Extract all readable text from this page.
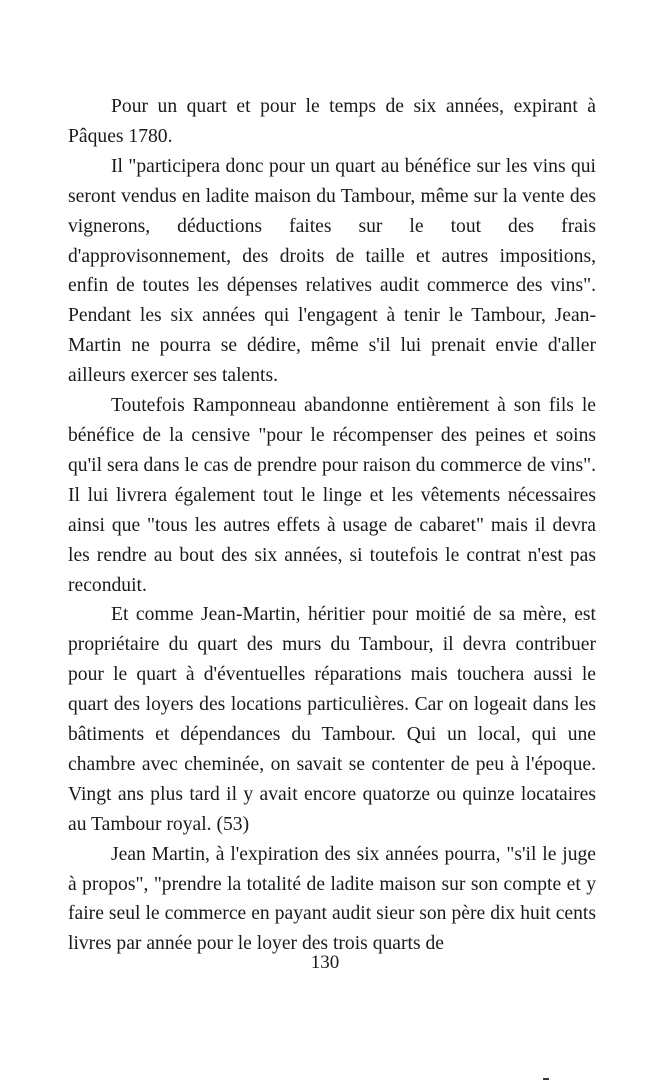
Pour un quart et pour le temps de six années, expirant à Pâques 1780.

Il "participera donc pour un quart au bénéfice sur les vins qui seront vendus en ladite maison du Tambour, même sur la vente des vignerons, déductions faites sur le tout des frais d'approvisonnement, des droits de taille et autres impositions, enfin de toutes les dépenses relatives audit commerce des vins". Pendant les six années qui l'engagent à tenir le Tambour, Jean-Martin ne pourra se dédire, même s'il lui prenait envie d'aller ailleurs exercer ses talents.

Toutefois Ramponneau abandonne entièrement à son fils le bénéfice de la censive "pour le récompenser des peines et soins qu'il sera dans le cas de prendre pour raison du commerce de vins". Il lui livrera également tout le linge et les vêtements nécessaires ainsi que "tous les autres effets à usage de cabaret" mais il devra les rendre au bout des six années, si toutefois le contrat n'est pas reconduit.

Et comme Jean-Martin, héritier pour moitié de sa mère, est propriétaire du quart des murs du Tambour, il devra contribuer pour le quart à d'éventuelles réparations mais touchera aussi le quart des loyers des locations particulières. Car on logeait dans les bâtiments et dépendances du Tambour. Qui un local, qui une chambre avec cheminée, on savait se contenter de peu à l'époque. Vingt ans plus tard il y avait encore quatorze ou quinze locataires au Tambour royal. (53)

Jean Martin, à l'expiration des six années pourra, "s'il le juge à propos", "prendre la totalité de ladite maison sur son compte et y faire seul le commerce en payant audit sieur son père dix huit cents livres par année pour le loyer des trois quarts de

130
